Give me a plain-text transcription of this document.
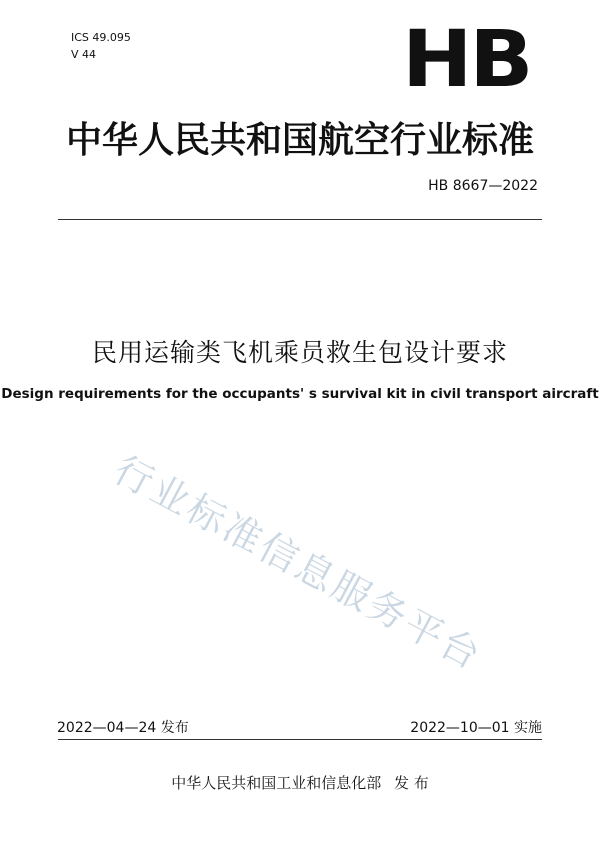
ICS 49.095
V 44	HB
中华人民共和国航空行业标准
HB 8667—2022
民用运输类飞机乘员救生包设计要求
Design requirements for the occupants' s survival kit in civil transport aircraft
行业标准信息服务平台
2022—04—24 发布	2022—10—01 实施
中华人民共和国工业和信息化部 发 布
